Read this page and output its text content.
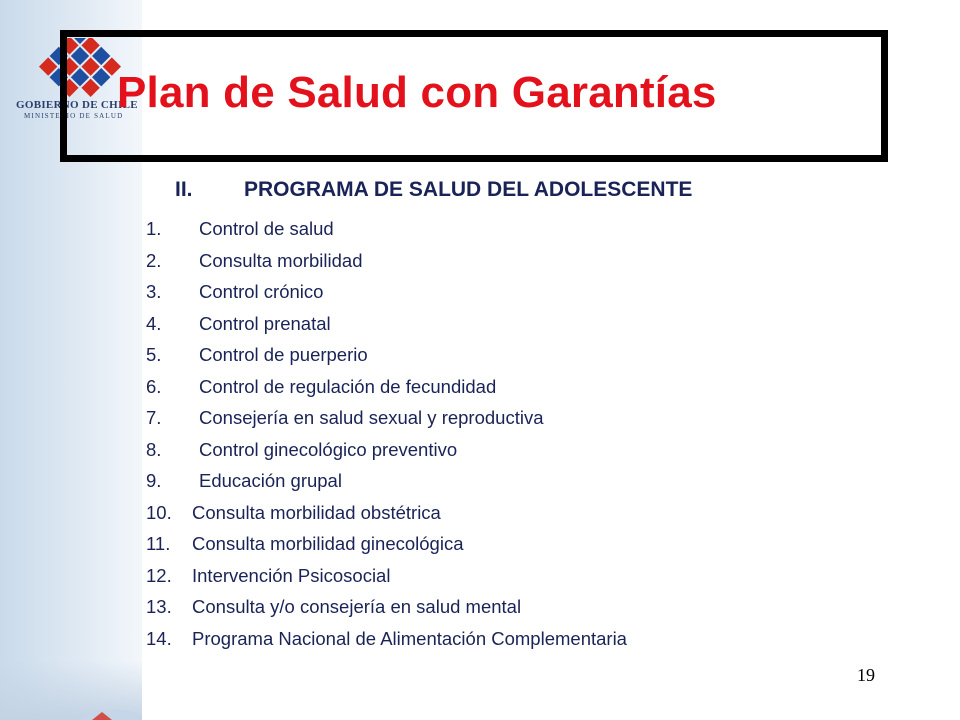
GOBIERNO DE CHILE
MINISTERIO DE SALUD
Plan de Salud con Garantías
II. PROGRAMA DE SALUD DEL ADOLESCENTE
1. Control de salud
2. Consulta morbilidad
3. Control crónico
4. Control prenatal
5. Control de puerperio
6. Control de regulación de fecundidad
7. Consejería en salud sexual y reproductiva
8. Control ginecológico preventivo
9. Educación grupal
10. Consulta morbilidad obstétrica
11. Consulta morbilidad ginecológica
12. Intervención Psicosocial
13. Consulta y/o consejería en salud mental
14. Programa Nacional de Alimentación Complementaria
19
